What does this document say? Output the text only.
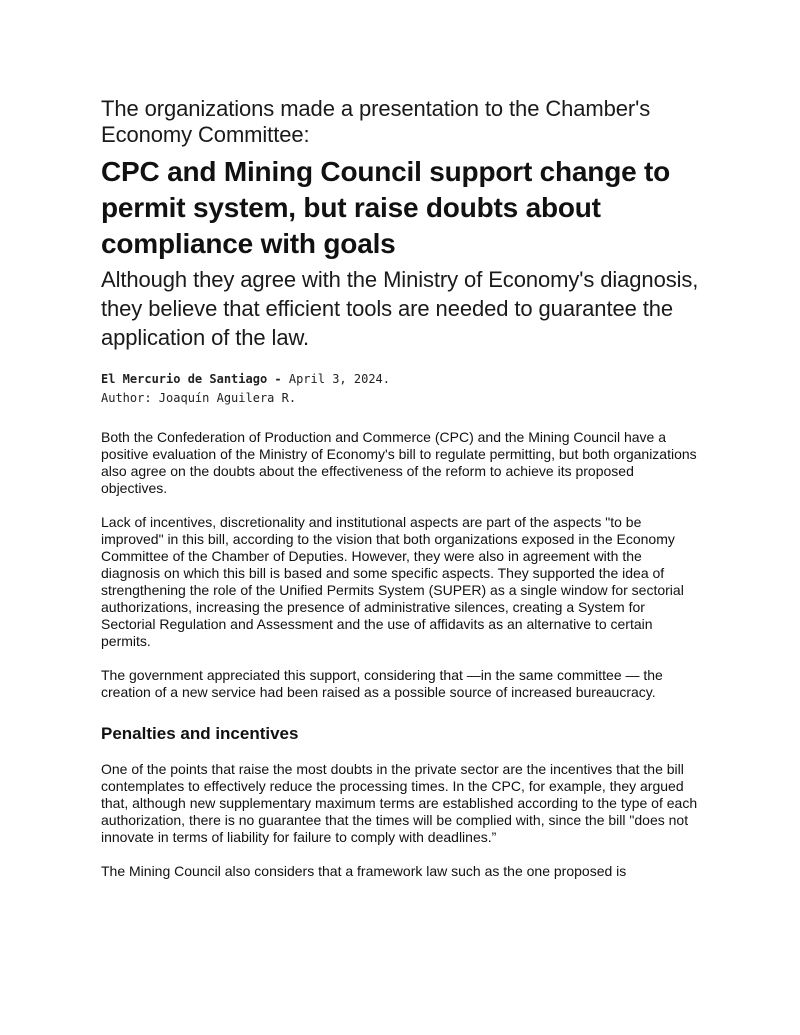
The organizations made a presentation to the Chamber's Economy Committee:

CPC and Mining Council support change to permit system, but raise doubts about compliance with goals

Although they agree with the Ministry of Economy's diagnosis, they believe that efficient tools are needed to guarantee the application of the law.

El Mercurio de Santiago - April 3, 2024.
Author: Joaquín Aguilera R.

Both the Confederation of Production and Commerce (CPC) and the Mining Council have a positive evaluation of the Ministry of Economy's bill to regulate permitting, but both organizations also agree on the doubts about the effectiveness of the reform to achieve its proposed objectives.

Lack of incentives, discretionality and institutional aspects are part of the aspects "to be improved" in this bill, according to the vision that both organizations exposed in the Economy Committee of the Chamber of Deputies. However, they were also in agreement with the diagnosis on which this bill is based and some specific aspects. They supported the idea of strengthening the role of the Unified Permits System (SUPER) as a single window for sectorial authorizations, increasing the presence of administrative silences, creating a System for Sectorial Regulation and Assessment and the use of affidavits as an alternative to certain permits.

The government appreciated this support, considering that —in the same committee — the creation of a new service had been raised as a possible source of increased bureaucracy.

Penalties and incentives

One of the points that raise the most doubts in the private sector are the incentives that the bill contemplates to effectively reduce the processing times. In the CPC, for example, they argued that, although new supplementary maximum terms are established according to the type of each authorization, there is no guarantee that the times will be complied with, since the bill "does not innovate in terms of liability for failure to comply with deadlines.”

The Mining Council also considers that a framework law such as the one proposed is
